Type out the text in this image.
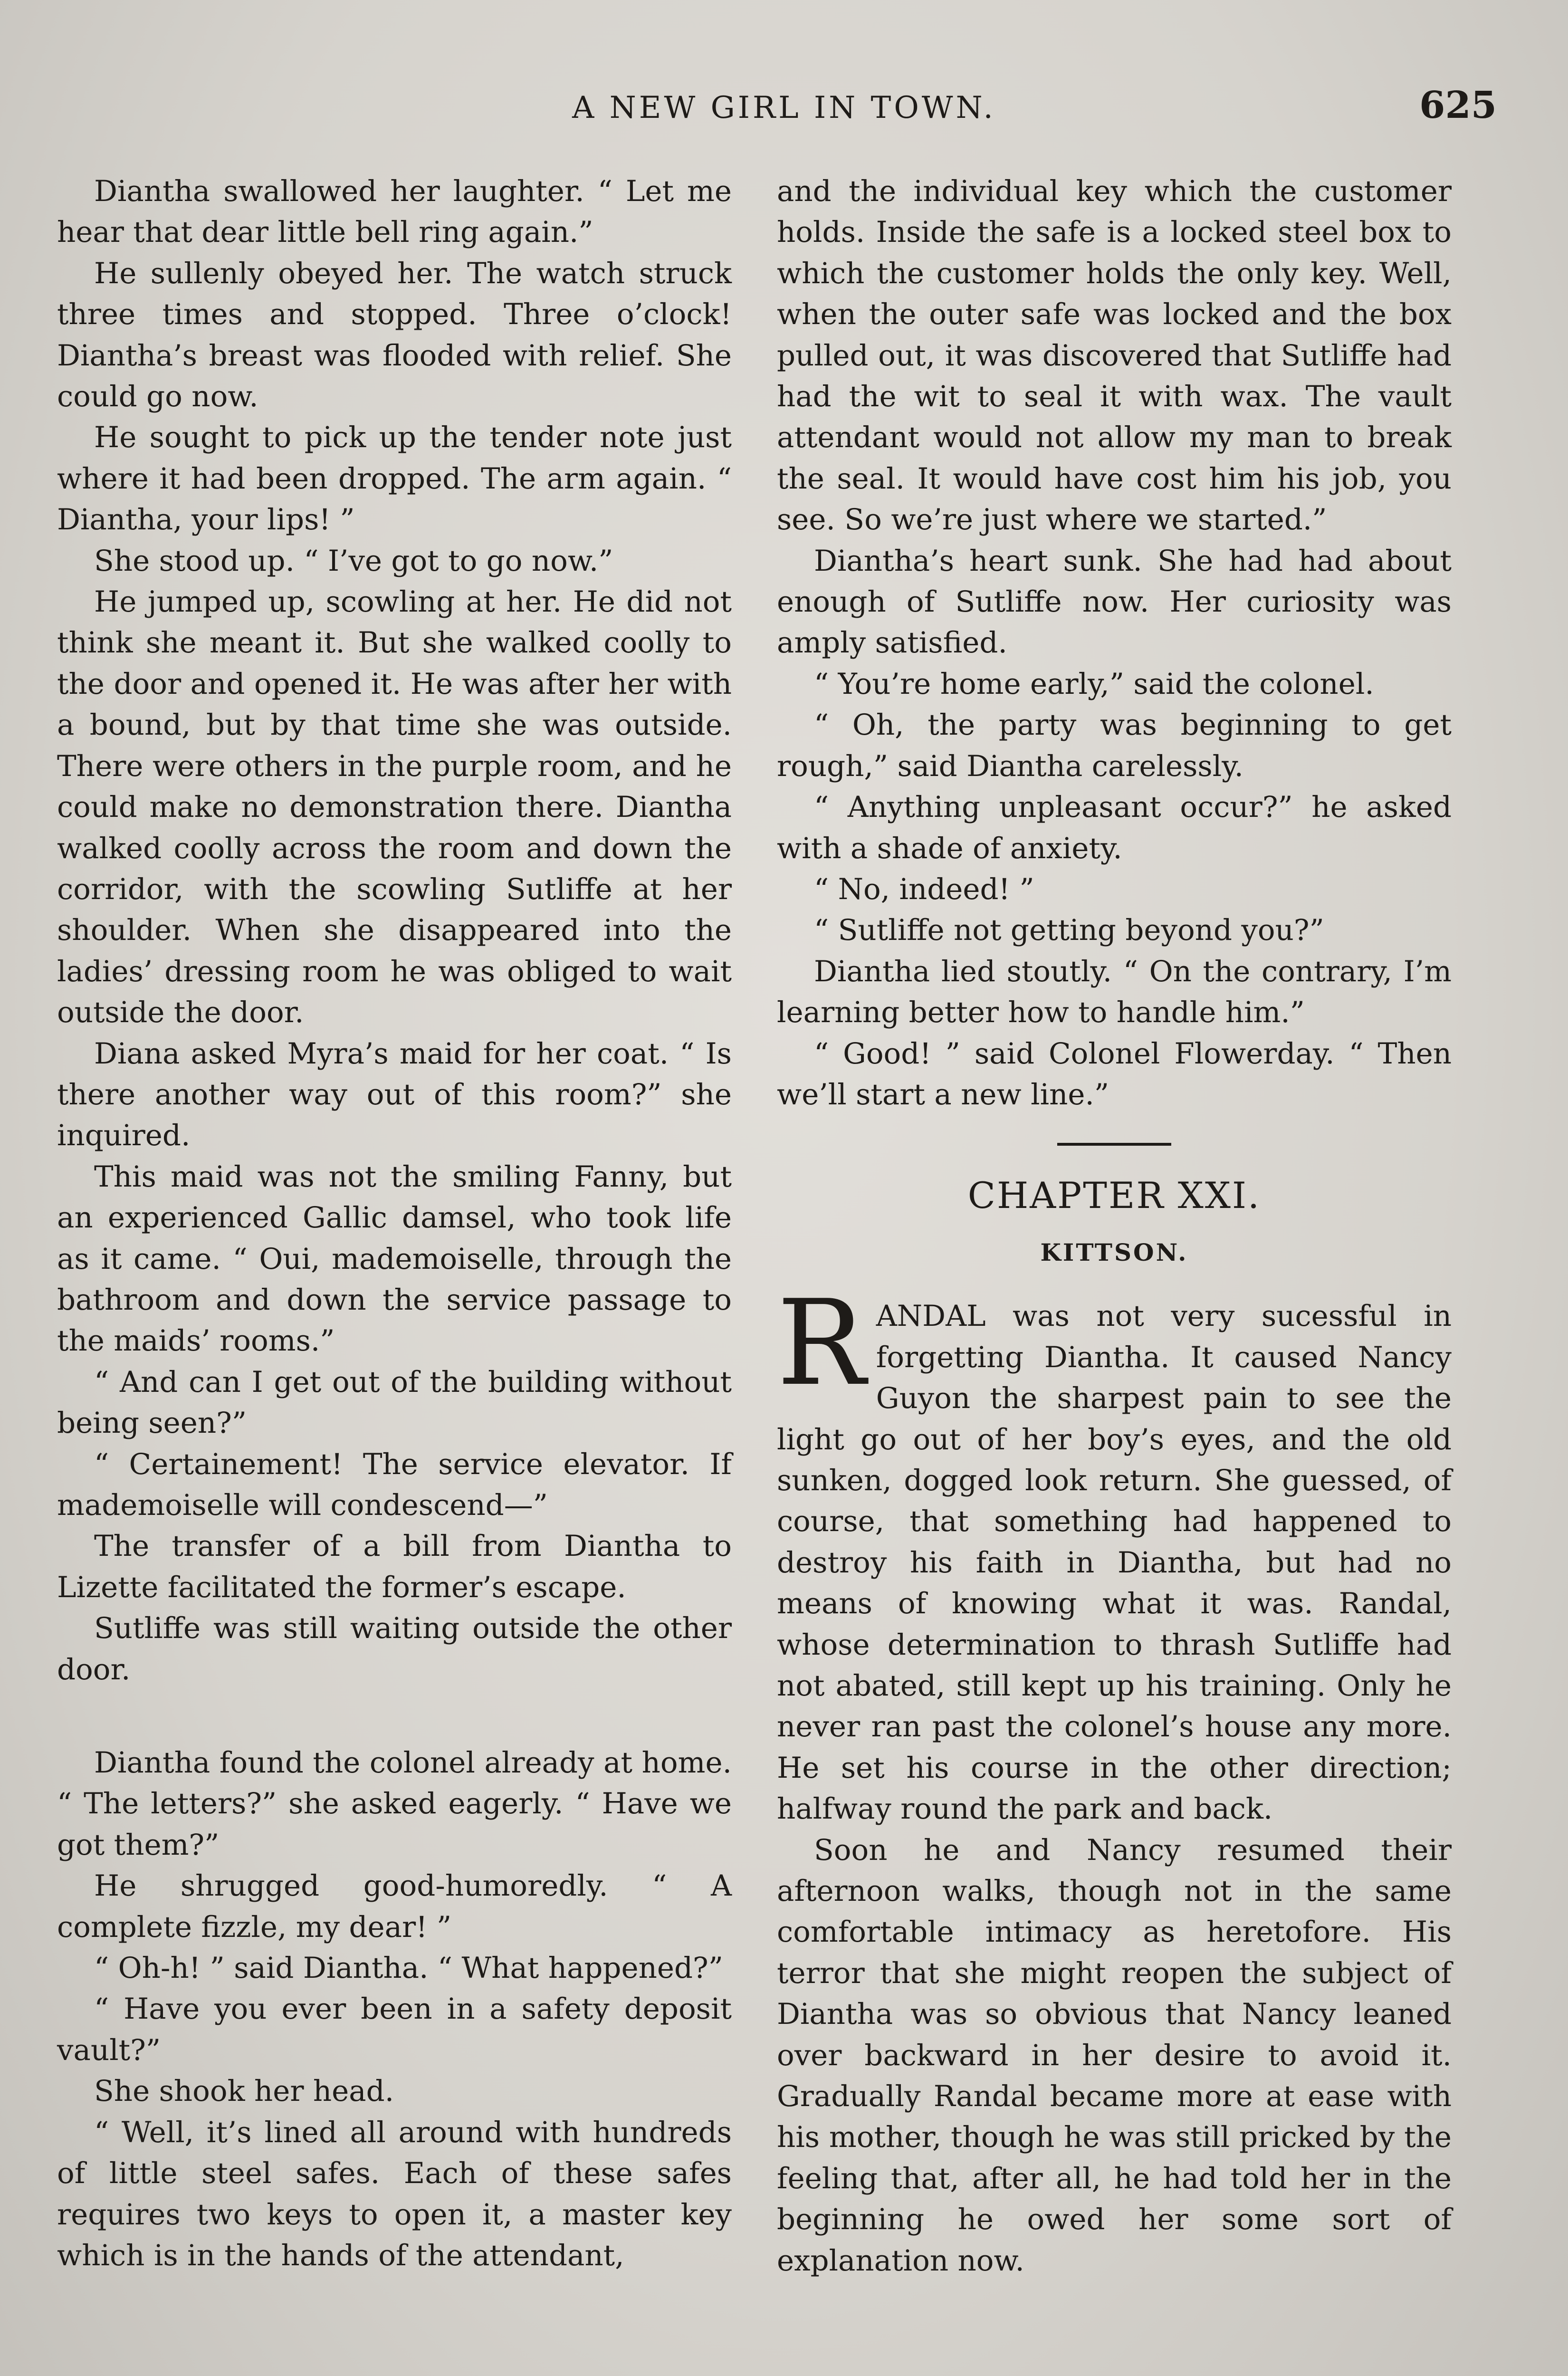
A NEW GIRL IN TOWN.	625

Diantha swallowed her laughter. “ Let me hear that dear little bell ring again.”

He sullenly obeyed her. The watch struck three times and stopped. Three o’clock! Diantha’s breast was flooded with relief. She could go now.

He sought to pick up the tender note just where it had been dropped. The arm again. “ Diantha, your lips! ”

She stood up. “ I’ve got to go now.”

He jumped up, scowling at her. He did not think she meant it. But she walked coolly to the door and opened it. He was after her with a bound, but by that time she was outside. There were others in the purple room, and he could make no demonstration there. Diantha walked coolly across the room and down the corridor, with the scowling Sutliffe at her shoulder. When she disappeared into the ladies’ dressing room he was obliged to wait outside the door.

Diana asked Myra’s maid for her coat. “ Is there another way out of this room?” she inquired.

This maid was not the smiling Fanny, but an experienced Gallic damsel, who took life as it came. “ Oui, mademoiselle, through the bathroom and down the service passage to the maids’ rooms.”

“ And can I get out of the building without being seen?”

“ Certainement! The service elevator. If mademoiselle will condescend—”

The transfer of a bill from Diantha to Lizette facilitated the former’s escape.

Sutliffe was still waiting outside the other door.

Diantha found the colonel already at home. “ The letters?” she asked eagerly. “ Have we got them?”

He shrugged good-humoredly. “ A complete fizzle, my dear! ”

“ Oh-h! ” said Diantha. “ What happened?”

“ Have you ever been in a safety deposit vault?”

She shook her head.

“ Well, it’s lined all around with hundreds of little steel safes. Each of these safes requires two keys to open it, a master key which is in the hands of the attendant,

and the individual key which the customer holds. Inside the safe is a locked steel box to which the customer holds the only key. Well, when the outer safe was locked and the box pulled out, it was discovered that Sutliffe had had the wit to seal it with wax. The vault attendant would not allow my man to break the seal. It would have cost him his job, you see. So we’re just where we started.”

Diantha’s heart sunk. She had had about enough of Sutliffe now. Her curiosity was amply satisfied.

“ You’re home early,” said the colonel.

“ Oh, the party was beginning to get rough,” said Diantha carelessly.

“ Anything unpleasant occur?” he asked with a shade of anxiety.

“ No, indeed! ”

“ Sutliffe not getting beyond you?”

Diantha lied stoutly. “ On the contrary, I’m learning better how to handle him.”

“ Good! ” said Colonel Flowerday. “ Then we’ll start a new line.”

CHAPTER XXI.
KITTSON.
R ANDAL was not very sucessful in forgetting Diantha. It caused Nancy Guyon the sharpest pain to see the light go out of her boy’s eyes, and the old sunken, dogged look return. She guessed, of course, that something had happened to destroy his faith in Diantha, but had no means of knowing what it was. Randal, whose determination to thrash Sutliffe had not abated, still kept up his training. Only he never ran past the colonel’s house any more. He set his course in the other direction; halfway round the park and back.

Soon he and Nancy resumed their afternoon walks, though not in the same comfortable intimacy as heretofore. His terror that she might reopen the subject of Diantha was so obvious that Nancy leaned over backward in her desire to avoid it. Gradually Randal became more at ease with his mother, though he was still pricked by the feeling that, after all, he had told her in the beginning he owed her some sort of explanation now.
